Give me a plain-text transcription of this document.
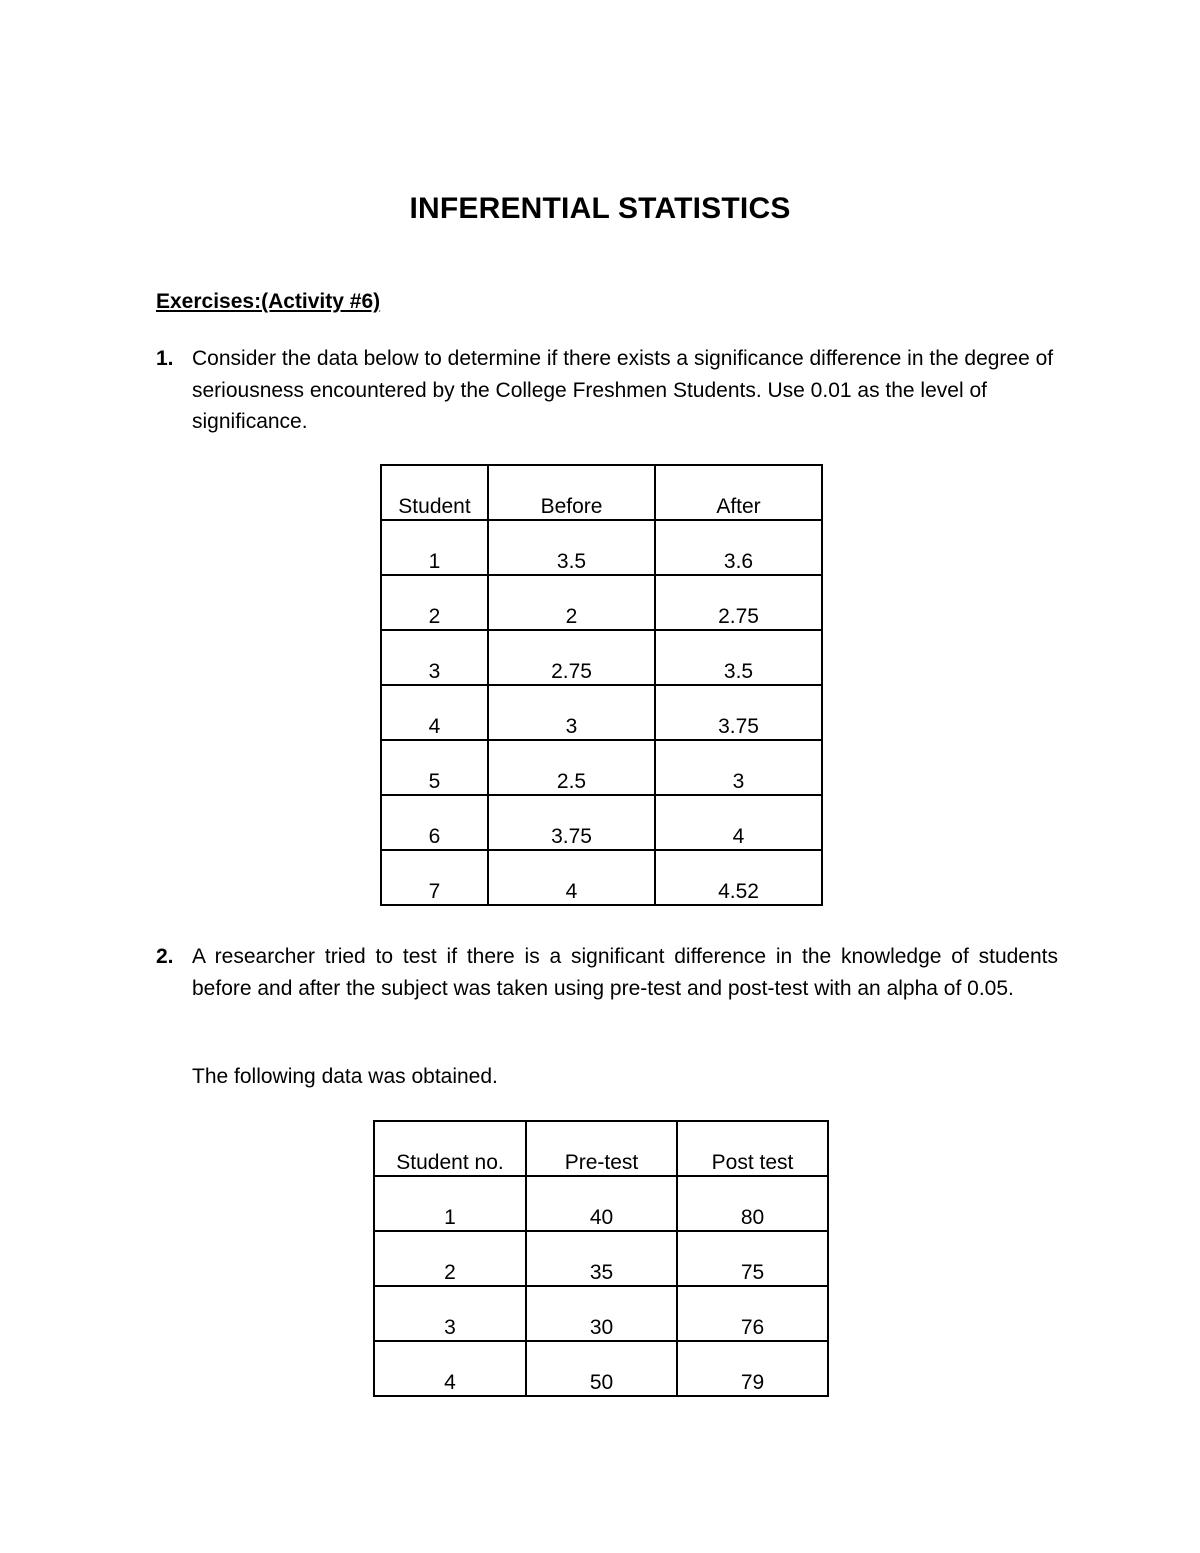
INFERENTIAL STATISTICS
Exercises:(Activity #6)
1. Consider the data below to determine if there exists a significance difference in the degree of seriousness encountered by the College Freshmen Students. Use 0.01 as the level of significance.
Student	Before	After
1	3.5	3.6
2	2	2.75
3	2.75	3.5
4	3	3.75
5	2.5	3
6	3.75	4
7	4	4.52
2. A researcher tried to test if there is a significant difference in the knowledge of students before and after the subject was taken using pre-test and post-test with an alpha of 0.05.

The following data was obtained.

Student no.	Pre-test	Post test
1	40	80
2	35	75
3	30	76
4	50	79
